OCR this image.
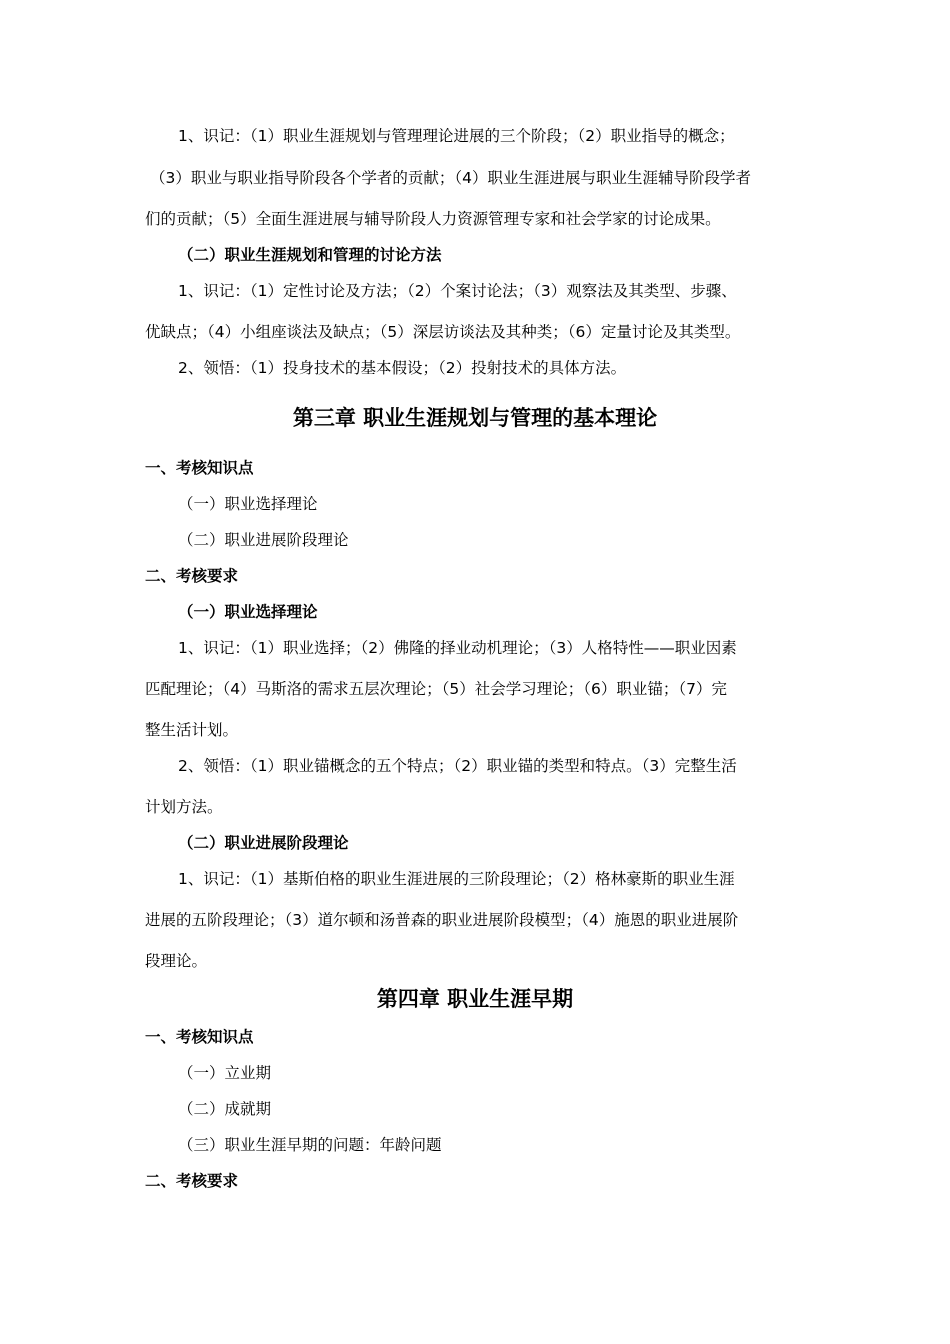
1、识记：（1）职业生涯规划与管理理论进展的三个阶段；（2）职业指导的概念；
（3）职业与职业指导阶段各个学者的贡献；（4）职业生涯进展与职业生涯辅导阶段学者
们的贡献；（5）全面生涯进展与辅导阶段人力资源管理专家和社会学家的讨论成果。
（二）职业生涯规划和管理的讨论方法
1、识记：（1）定性讨论及方法；（2）个案讨论法；（3）观察法及其类型、步骤、
优缺点；（4）小组座谈法及缺点；（5）深层访谈法及其种类；（6）定量讨论及其类型。
2、领悟：（1）投身技术的基本假设；（2）投射技术的具体方法。
第三章 职业生涯规划与管理的基本理论
一、考核知识点
（一）职业选择理论
（二）职业进展阶段理论
二、考核要求
（一）职业选择理论
1、识记：（1）职业选择；（2）佛隆的择业动机理论；（3）人格特性——职业因素
匹配理论；（4）马斯洛的需求五层次理论；（5）社会学习理论；（6）职业锚；（7）完
整生活计划。
2、领悟：（1）职业锚概念的五个特点；（2）职业锚的类型和特点。（3）完整生活
计划方法。
（二）职业进展阶段理论
1、识记：（1）基斯伯格的职业生涯进展的三阶段理论；（2）格林豪斯的职业生涯
进展的五阶段理论；（3）道尔顿和汤普森的职业进展阶段模型；（4）施恩的职业进展阶
段理论。
第四章 职业生涯早期
一、考核知识点
（一）立业期
（二）成就期
（三）职业生涯早期的问题：年龄问题
二、考核要求
